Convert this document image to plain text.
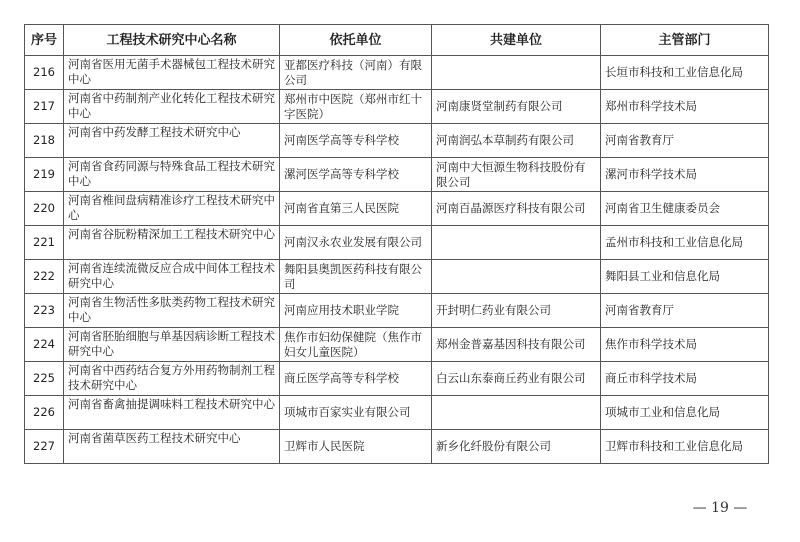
序号	工程技术研究中心名称	依托单位	共建单位	主管部门
216	河南省医用无菌手术器械包工程技术研究中心	亚都医疗科技（河南）有限公司		长垣市科技和工业信息化局
217	河南省中药制剂产业化转化工程技术研究中心	郑州市中医院（郑州市红十字医院）	河南康贤堂制药有限公司	郑州市科学技术局
218	河南省中药发酵工程技术研究中心	河南医学高等专科学校	河南润弘本草制药有限公司	河南省教育厅
219	河南省食药同源与特殊食品工程技术研究中心	漯河医学高等专科学校	河南中大恒源生物科技股份有限公司	漯河市科学技术局
220	河南省椎间盘病精准诊疗工程技术研究中心	河南省直第三人民医院	河南百晶源医疗科技有限公司	河南省卫生健康委员会
221	河南省谷朊粉精深加工工程技术研究中心	河南汉永农业发展有限公司		孟州市科技和工业信息化局
222	河南省连续流微反应合成中间体工程技术研究中心	舞阳县奥凯医药科技有限公司		舞阳县工业和信息化局
223	河南省生物活性多肽类药物工程技术研究中心	河南应用技术职业学院	开封明仁药业有限公司	河南省教育厅
224	河南省胚胎细胞与单基因病诊断工程技术研究中心	焦作市妇幼保健院（焦作市妇女儿童医院）	郑州金普嘉基因科技有限公司	焦作市科学技术局
225	河南省中西药结合复方外用药物制剂工程技术研究中心	商丘医学高等专科学校	白云山东泰商丘药业有限公司	商丘市科学技术局
226	河南省畜禽抽提调味料工程技术研究中心	项城市百家实业有限公司		项城市工业和信息化局
227	河南省菌草医药工程技术研究中心	卫辉市人民医院	新乡化纤股份有限公司	卫辉市科技和工业信息化局
— 19 —
